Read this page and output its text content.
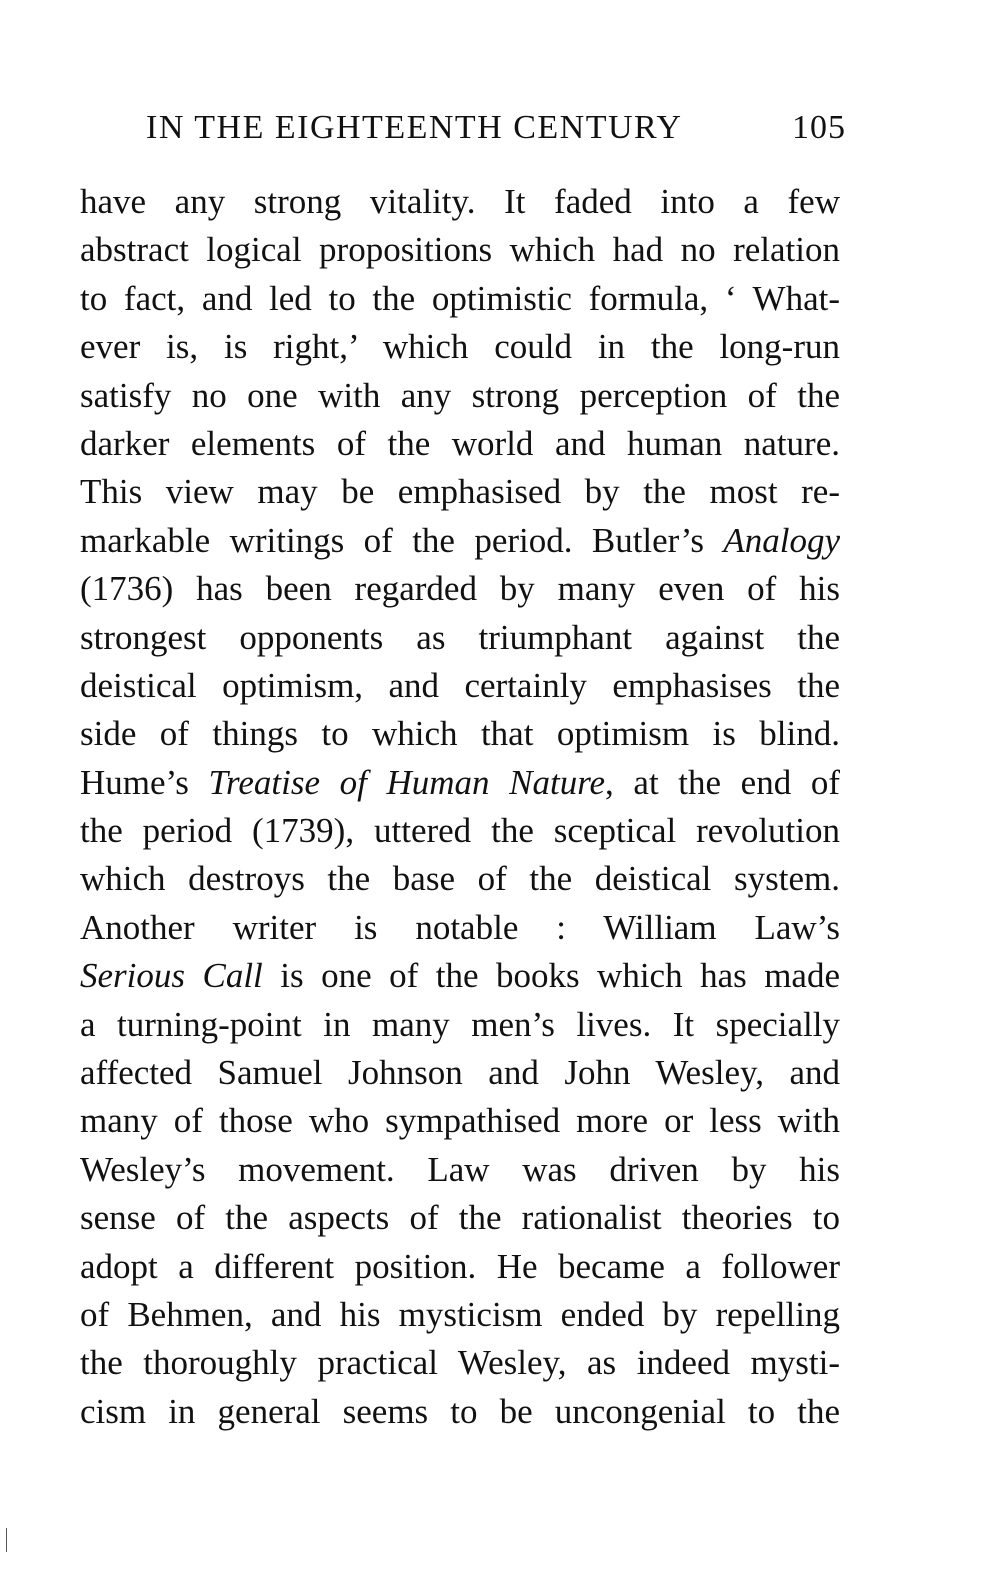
IN THE EIGHTEENTH CENTURY	105
have any strong vitality. It faded into a few
abstract logical propositions which had no relation
to fact, and led to the optimistic formula, ‘ What-
ever is, is right,’ which could in the long-run
satisfy no one with any strong perception of the
darker elements of the world and human nature.
This view may be emphasised by the most re-
markable writings of the period. Butler’s Analogy
(1736) has been regarded by many even of his
strongest opponents as triumphant against the
deistical optimism, and certainly emphasises the
side of things to which that optimism is blind.
Hume’s Treatise of Human Nature, at the end of
the period (1739), uttered the sceptical revolution
which destroys the base of the deistical system.
Another writer is notable : William Law’s
Serious Call is one of the books which has made
a turning-point in many men’s lives. It specially
affected Samuel Johnson and John Wesley, and
many of those who sympathised more or less with
Wesley’s movement. Law was driven by his
sense of the aspects of the rationalist theories to
adopt a different position. He became a follower
of Behmen, and his mysticism ended by repelling
the thoroughly practical Wesley, as indeed mysti-
cism in general seems to be uncongenial to the
